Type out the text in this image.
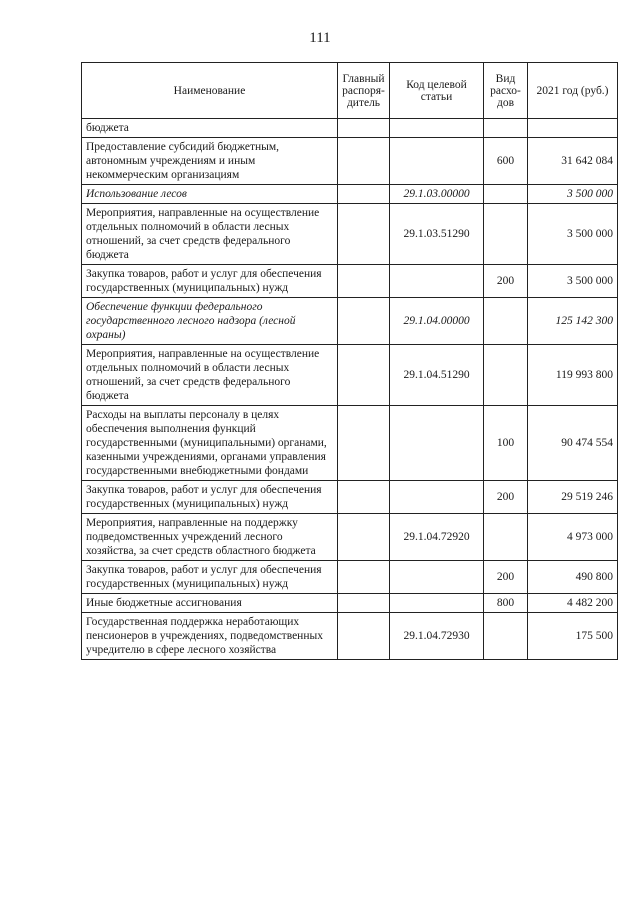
111
Наименование	Главный распоря-дитель	Код целевой статьи	Вид расхо-дов	2021 год (руб.)
бюджета				
Предоставление субсидий бюджетным, автономным учреждениям и иным некоммерческим организациям			600	31 642 084
Использование лесов		29.1.03.00000		3 500 000
Мероприятия, направленные на осуществление отдельных полномочий в области лесных отношений, за счет средств федерального бюджета		29.1.03.51290		3 500 000
Закупка товаров, работ и услуг для обеспечения государственных (муниципальных) нужд			200	3 500 000
Обеспечение функции федерального государственного лесного надзора (лесной охраны)		29.1.04.00000		125 142 300
Мероприятия, направленные на осуществление отдельных полномочий в области лесных отношений, за счет средств федерального бюджета		29.1.04.51290		119 993 800
Расходы на выплаты персоналу в целях обеспечения выполнения функций государственными (муниципальными) органами, казенными учреждениями, органами управления государственными внебюджетными фондами			100	90 474 554
Закупка товаров, работ и услуг для обеспечения государственных (муниципальных) нужд			200	29 519 246
Мероприятия, направленные на поддержку подведомственных учреждений лесного хозяйства, за счет средств областного бюджета		29.1.04.72920		4 973 000
Закупка товаров, работ и услуг для обеспечения государственных (муниципальных) нужд			200	490 800
Иные бюджетные ассигнования			800	4 482 200
Государственная поддержка неработающих пенсионеров в учреждениях, подведомственных учредителю в сфере лесного хозяйства		29.1.04.72930		175 500
